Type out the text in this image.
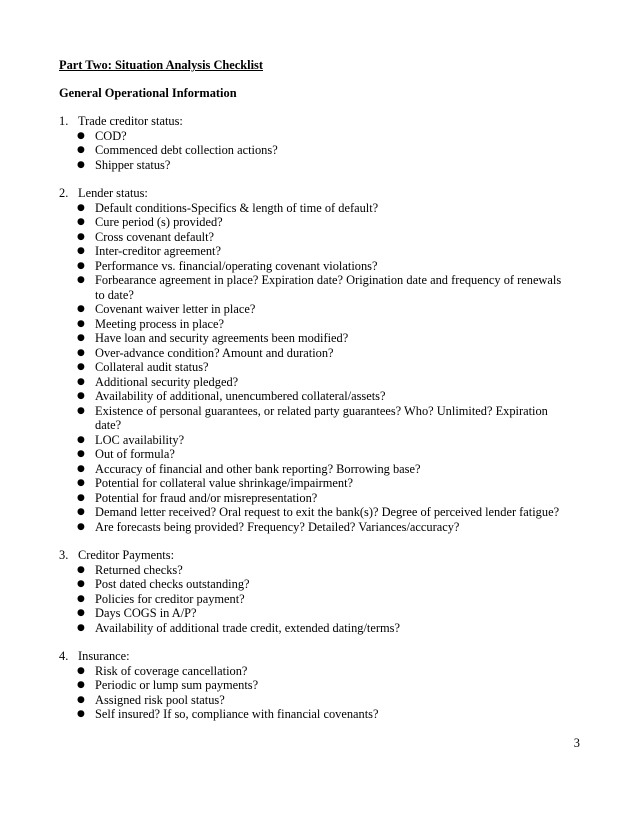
Part Two: Situation Analysis Checklist
General Operational Information
1. Trade creditor status:
● COD?
● Commenced debt collection actions?
● Shipper status?
2. Lender status:
● Default conditions-Specifics & length of time of default?
● Cure period (s) provided?
● Cross covenant default?
● Inter-creditor agreement?
● Performance vs. financial/operating covenant violations?
● Forbearance agreement in place? Expiration date? Origination date and frequency of renewals to date?
● Covenant waiver letter in place?
● Meeting process in place?
● Have loan and security agreements been modified?
● Over-advance condition? Amount and duration?
● Collateral audit status?
● Additional security pledged?
● Availability of additional, unencumbered collateral/assets?
● Existence of personal guarantees, or related party guarantees? Who? Unlimited? Expiration date?
● LOC availability?
● Out of formula?
● Accuracy of financial and other bank reporting? Borrowing base?
● Potential for collateral value shrinkage/impairment?
● Potential for fraud and/or misrepresentation?
● Demand letter received? Oral request to exit the bank(s)? Degree of perceived lender fatigue?
● Are forecasts being provided? Frequency? Detailed? Variances/accuracy?
3. Creditor Payments:
● Returned checks?
● Post dated checks outstanding?
● Policies for creditor payment?
● Days COGS in A/P?
● Availability of additional trade credit, extended dating/terms?
4. Insurance:
● Risk of coverage cancellation?
● Periodic or lump sum payments?
● Assigned risk pool status?
● Self insured? If so, compliance with financial covenants?
3
